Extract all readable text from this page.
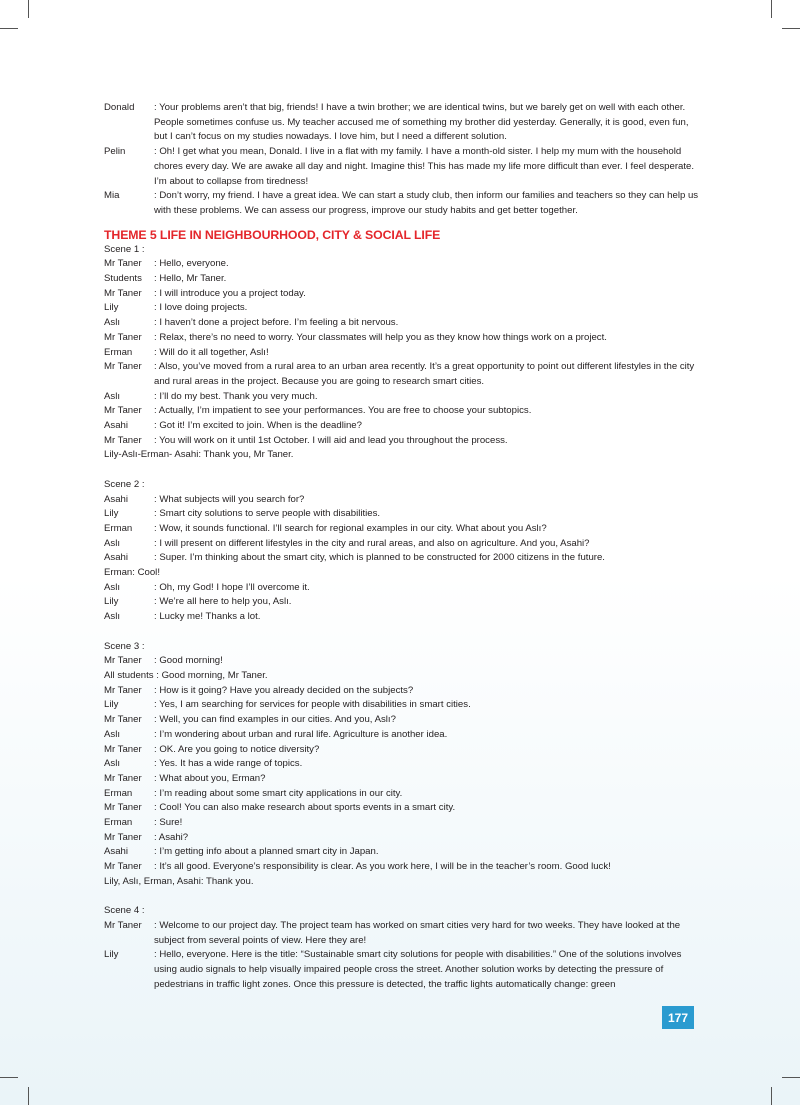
Donald	: Your problems aren’t that big, friends! I have a twin brother; we are identical twins, but we barely get on well with each other. People sometimes confuse us. My teacher accused me of something my brother did yesterday. Generally, it is good, even fun, but I can’t focus on my studies nowadays. I love him, but I need a different solution.
Pelin	: Oh! I get what you mean, Donald. I live in a flat with my family. I have a month-old sister. I help my mum with the household chores every day. We are awake all day and night. Imagine this! This has made my life more difficult than ever. I feel desperate. I’m about to collapse from tiredness!
Mia	: Don’t worry, my friend. I have a great idea. We can start a study club, then inform our families and teachers so they can help us with these problems. We can assess our progress, improve our study habits and get better together.
THEME 5 LIFE IN NEIGHBOURHOOD, CITY & SOCIAL LIFE
Scene 1 :
Mr Taner	: Hello, everyone.
Students	: Hello, Mr Taner.
Mr Taner	: I will introduce you a project today.
Lily	: I love doing projects.
Aslı	: I haven’t done a project before. I’m feeling a bit nervous.
Mr Taner	: Relax, there’s no need to worry. Your classmates will help you as they know how things work on a project.
Erman	: Will do it all together, Aslı!
Mr Taner	: Also, you’ve moved from a rural area to an urban area recently. It’s a great opportunity to point out different lifestyles in the city and rural areas in the project. Because you are going to research smart cities.
Aslı	: I’ll do my best. Thank you very much.
Mr Taner	: Actually, I’m impatient to see your performances. You are free to choose your subtopics.
Asahi	: Got it! I’m excited to join. When is the deadline?
Mr Taner	: You will work on it until 1st October. I will aid and lead you throughout the process.
Lily-Aslı-Erman- Asahi: Thank you, Mr Taner.
Scene 2 :
Asahi	: What subjects will you search for?
Lily	: Smart city solutions to serve people with disabilities.
Erman	: Wow, it sounds functional. I’ll search for regional examples in our city. What about you Aslı?
Aslı	: I will present on different lifestyles in the city and rural areas, and also on agriculture. And you, Asahi?
Asahi	: Super. I’m thinking about the smart city, which is planned to be constructed for 2000 citizens in the future.
Erman: Cool!
Aslı	: Oh, my God! I hope I’ll overcome it.
Lily	: We’re all here to help you, Aslı.
Aslı	: Lucky me! Thanks a lot.
Scene 3 :
Mr Taner	: Good morning!
All students : Good morning, Mr Taner.
Mr Taner	: How is it going? Have you already decided on the subjects?
Lily	: Yes, I am searching for services for people with disabilities in smart cities.
Mr Taner	: Well, you can find examples in our cities. And you, Aslı?
Aslı	: I’m wondering about urban and rural life. Agriculture is another idea.
Mr Taner	: OK. Are you going to notice diversity?
Aslı	: Yes. It has a wide range of topics.
Mr Taner	: What about you, Erman?
Erman	: I’m reading about some smart city applications in our city.
Mr Taner	: Cool! You can also make research about sports events in a smart city.
Erman	: Sure!
Mr Taner	: Asahi?
Asahi	: I’m getting info about a planned smart city in Japan.
Mr Taner	: It’s all good. Everyone’s responsibility is clear. As you work here, I will be in the teacher’s room. Good luck!
Lily, Aslı, Erman, Asahi: Thank you.
Scene 4 :
Mr Taner	: Welcome to our project day. The project team has worked on smart cities very hard for two weeks. They have looked at the subject from several points of view. Here they are!
Lily	: Hello, everyone. Here is the title: “Sustainable smart city solutions for people with disabilities.” One of the solutions involves using audio signals to help visually impaired people cross the street. Another solution works by detecting the pressure of pedestrians in traffic light zones. Once this pressure is detected, the traffic lights automatically change: green
177
